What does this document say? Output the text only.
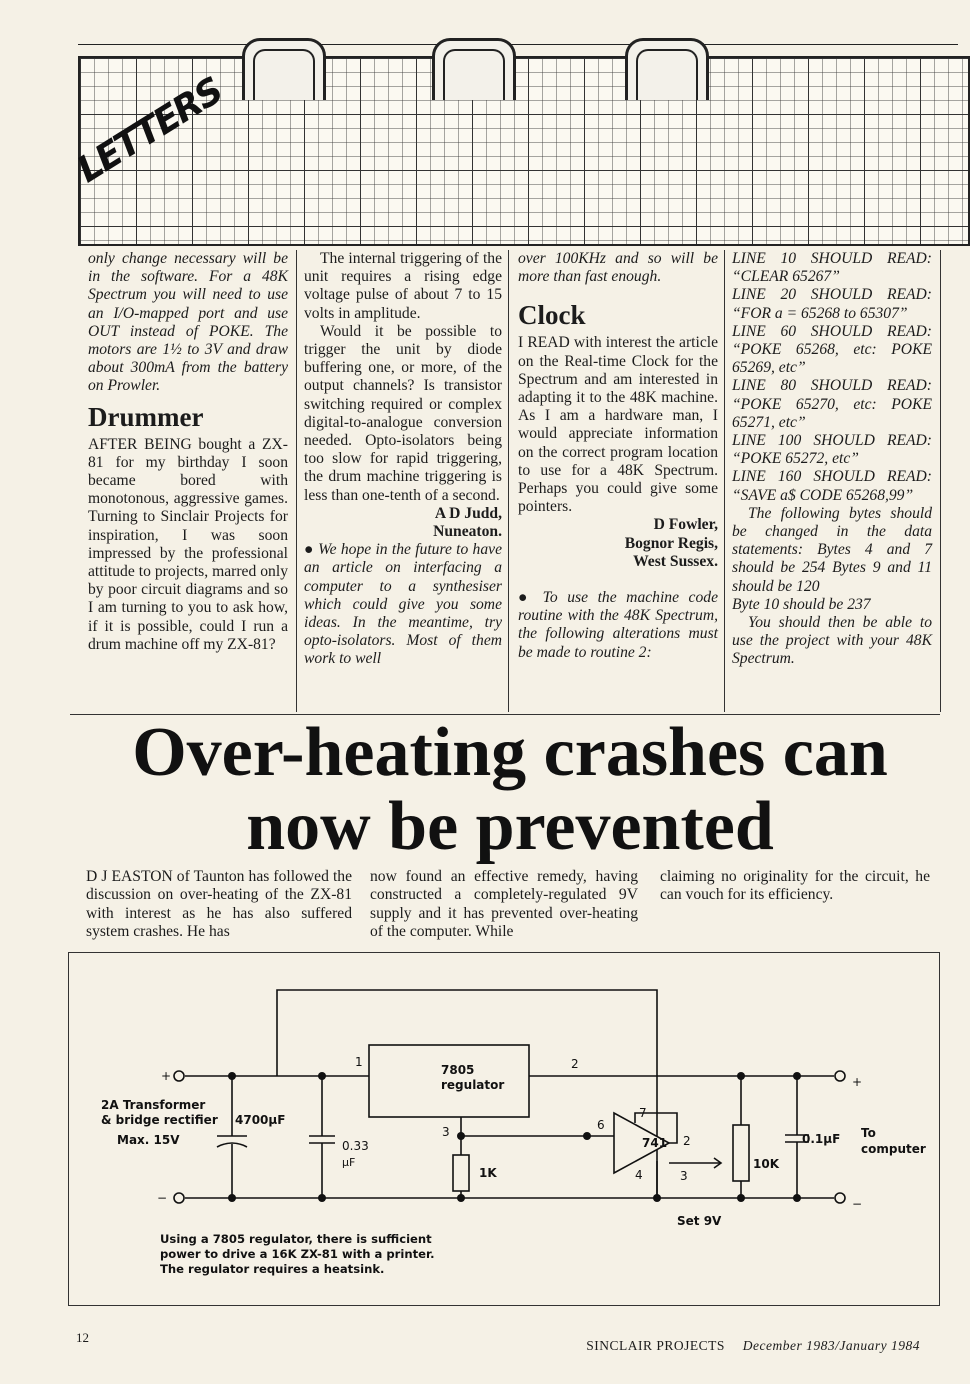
LETTERS

only change necessary will be in the software. For a 48K Spectrum you will need to use an I/O-mapped port and use OUT instead of POKE. The motors are 1½ to 3V and draw about 300mA from the battery on Prowler.

Drummer

AFTER BEING bought a ZX-81 for my birthday I soon became bored with monotonous, aggressive games. Turning to Sinclair Projects for inspiration, I was soon impressed by the professional attitude to projects, marred only by poor circuit diagrams and so I am turning to you to ask how, if it is possible, could I run a drum machine off my ZX-81?

The internal triggering of the unit requires a rising edge voltage pulse of about 7 to 15 volts in amplitude.

Would it be possible to trigger the unit by diode buffering one, or more, of the output channels? Is transistor switching required or complex digital-to-analogue conversion needed. Opto-isolators being too slow for rapid triggering, the drum machine triggering is less than one-tenth of a second.

A D Judd,

Nuneaton.

● We hope in the future to have an article on interfacing a computer to a synthesiser which could give you some ideas. In the meantime, try opto-isolators. Most of them work to well

over 100KHz and so will be more than fast enough.

Clock

I READ with interest the article on the Real-time Clock for the Spectrum and am interested in adapting it to the 48K machine. As I am a hardware man, I would appreciate information on the correct program location to use for a 48K Spectrum. Perhaps you could give some pointers.

D Fowler,

Bognor Regis,

West Sussex.

● To use the machine code routine with the 48K Spectrum, the following alterations must be made to routine 2:

LINE 10 SHOULD READ: “CLEAR 65267”

LINE 20 SHOULD READ: “FOR a = 65268 to 65307”

LINE 60 SHOULD READ: “POKE 65268, etc: POKE 65269, etc”

LINE 80 SHOULD READ: “POKE 65270, etc: POKE 65271, etc”

LINE 100 SHOULD READ: “POKE 65272, etc”

LINE 160 SHOULD READ: “SAVE a$ CODE 65268,99”

The following bytes should be changed in the data statements: Bytes 4 and 7 should be 254 Bytes 9 and 11 should be 120

Byte 10 should be 237

You should then be able to use the project with your 48K Spectrum.

Over-heating crashes can
now be prevented
D J EASTON of Taunton has followed the discussion on over-heating of the ZX-81 with interest as he has also suffered system crashes. He has
now found an effective remedy, having constructed a completely-regulated 9V supply and it has prevented over-heating of the computer. While
claiming no originality for the circuit, he can vouch for its efficiency.
+
−
+
−
2A Transformer
& bridge rectifier
Max. 15V
4700μF
0.33
μF
7805
regulator
1	2
3
1K
741
6
7
2
4	3
10K
0.1μF To
computer
Set 9V
Using a 7805 regulator, there is sufficient power to drive a 16K ZX-81 with a printer. The regulator requires a heatsink.
12
SINCLAIR PROJECTS December 1983/January 1984
